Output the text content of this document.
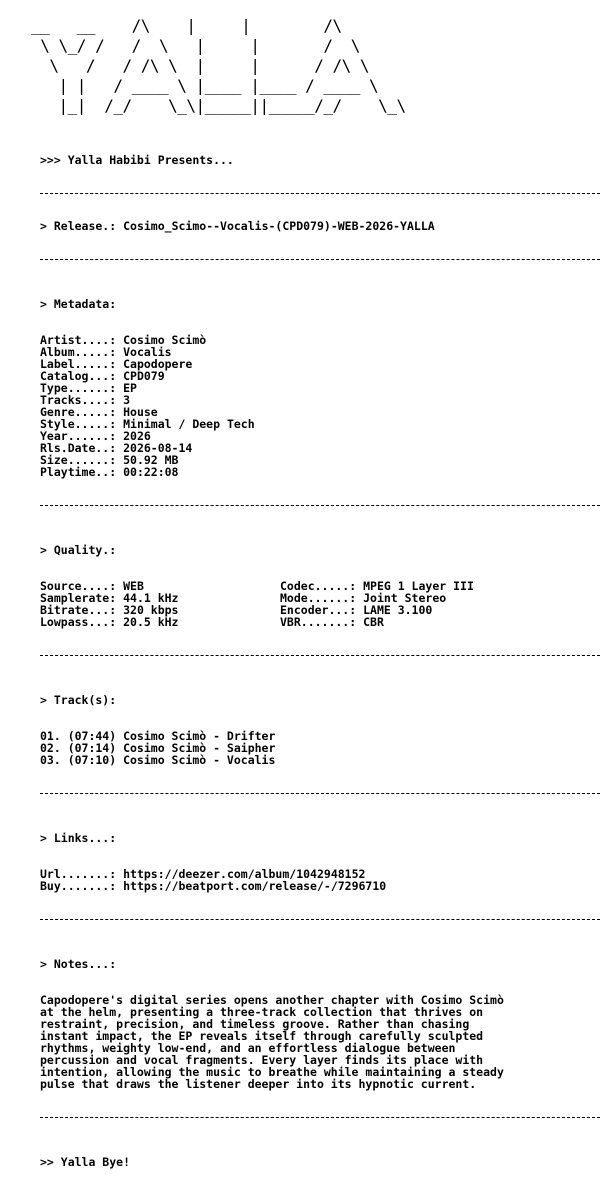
__   __    /\    |     |        /\
\ \_/ /   /  \   |     |       /  \
\   /   / /\ \  |     |      / /\ \
| |   / ____ \ |____ |____ / ____ \
|_|  /_/    \_\|_____||_____/_/    \_\

>>> Yalla Habibi Presents...

> Release.: Cosimo_Scimo--Vocalis-(CPD079)-WEB-2026-YALLA

> Metadata:

Artist....: Cosimo Scimò
Album.....: Vocalis
Label.....: Capodopere
Catalog...: CPD079
Type......: EP
Tracks....: 3
Genre.....: House
Style.....: Minimal / Deep Tech
Year......: 2026
Rls.Date..: 2026-08-14
Size......: 50.92 MB
Playtime..: 00:22:08

> Quality.:

Source....: WEB	Codec.....: MPEG 1 Layer III
Samplerate: 44.1 kHz	Mode......: Joint Stereo
Bitrate...: 320 kbps	Encoder...: LAME 3.100
Lowpass...: 20.5 kHz	VBR.......: CBR

> Track(s):

01. (07:44) Cosimo Scimò - Drifter
02. (07:14) Cosimo Scimò - Saipher
03. (07:10) Cosimo Scimò - Vocalis

> Links...:

Url.......: https://deezer.com/album/1042948152
Buy.......: https://beatport.com/release/-/7296710

> Notes...:

Capodopere's digital series opens another chapter with Cosimo Scimò
at the helm, presenting a three-track collection that thrives on
restraint, precision, and timeless groove. Rather than chasing
instant impact, the EP reveals itself through carefully sculpted
rhythms, weighty low-end, and an effortless dialogue between
percussion and vocal fragments. Every layer finds its place with
intention, allowing the music to breathe while maintaining a steady
pulse that draws the listener deeper into its hypnotic current.

>> Yalla Bye!
